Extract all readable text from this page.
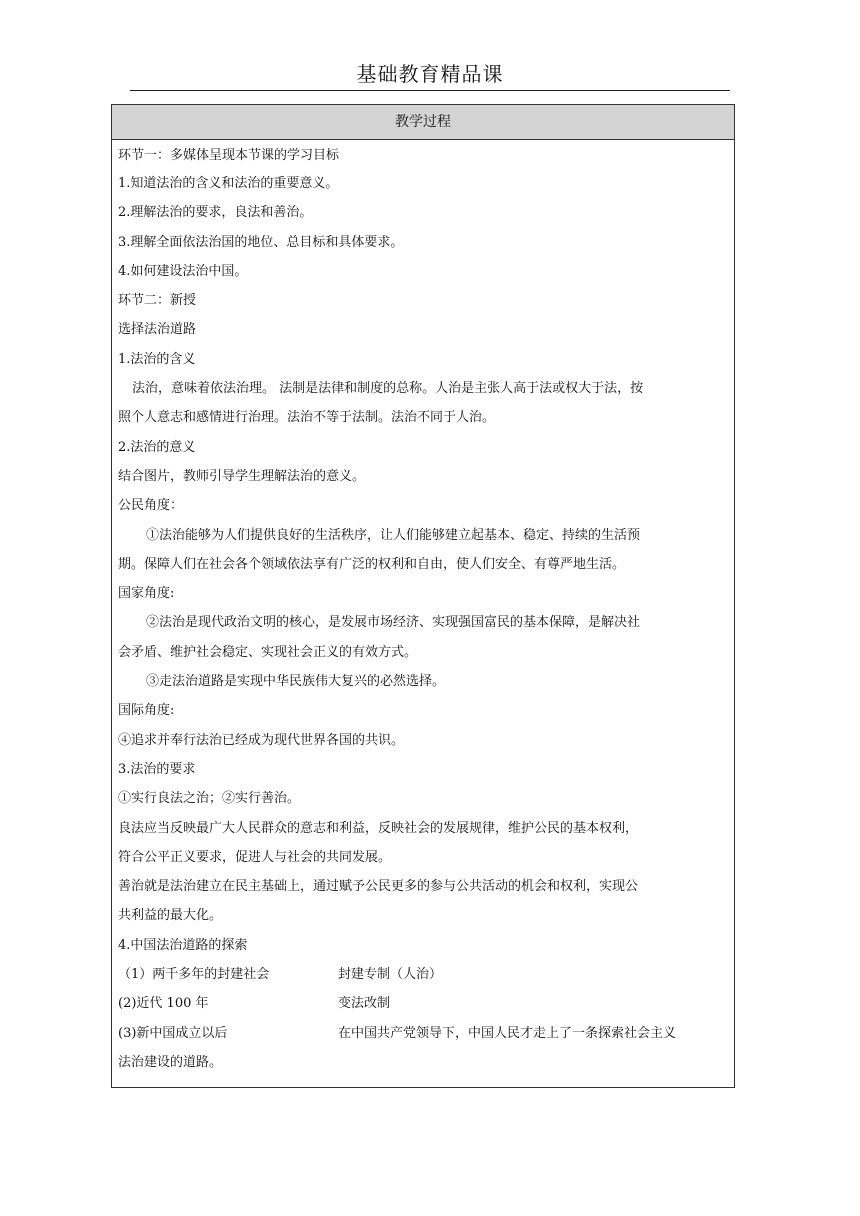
基础教育精品课
教学过程
环节一：多媒体呈现本节课的学习目标
1.知道法治的含义和法治的重要意义。
2.理解法治的要求，良法和善治。
3.理解全面依法治国的地位、总目标和具体要求。
4.如何建设法治中国。
环节二：新授
选择法治道路
1.法治的含义
法治，意味着依法治理。 法制是法律和制度的总称。人治是主张人高于法或权大于法，按
照个人意志和感情进行治理。法治不等于法制。法治不同于人治。
2.法治的意义
结合图片，教师引导学生理解法治的意义。
公民角度：
①法治能够为人们提供良好的生活秩序，让人们能够建立起基本、稳定、持续的生活预
期。保障人们在社会各个领域依法享有广泛的权利和自由，使人们安全、有尊严地生活。
国家角度:
②法治是现代政治文明的核心，是发展市场经济、实现强国富民的基本保障，是解决社
会矛盾、维护社会稳定、实现社会正义的有效方式。
③走法治道路是实现中华民族伟大复兴的必然选择。
国际角度:
④追求并奉行法治已经成为现代世界各国的共识。
3.法治的要求
①实行良法之治；②实行善治。
良法应当反映最广大人民群众的意志和利益，反映社会的发展规律，维护公民的基本权利，
符合公平正义要求，促进人与社会的共同发展。
善治就是法治建立在民主基础上，通过赋予公民更多的参与公共活动的机会和权利，实现公
共利益的最大化。
4.中国法治道路的探索
（1）两千多年的封建社会	封建专制（人治）
(2)近代 100 年	变法改制
(3)新中国成立以后	在中国共产党领导下，中国人民才走上了一条探索社会主义
法治建设的道路。
